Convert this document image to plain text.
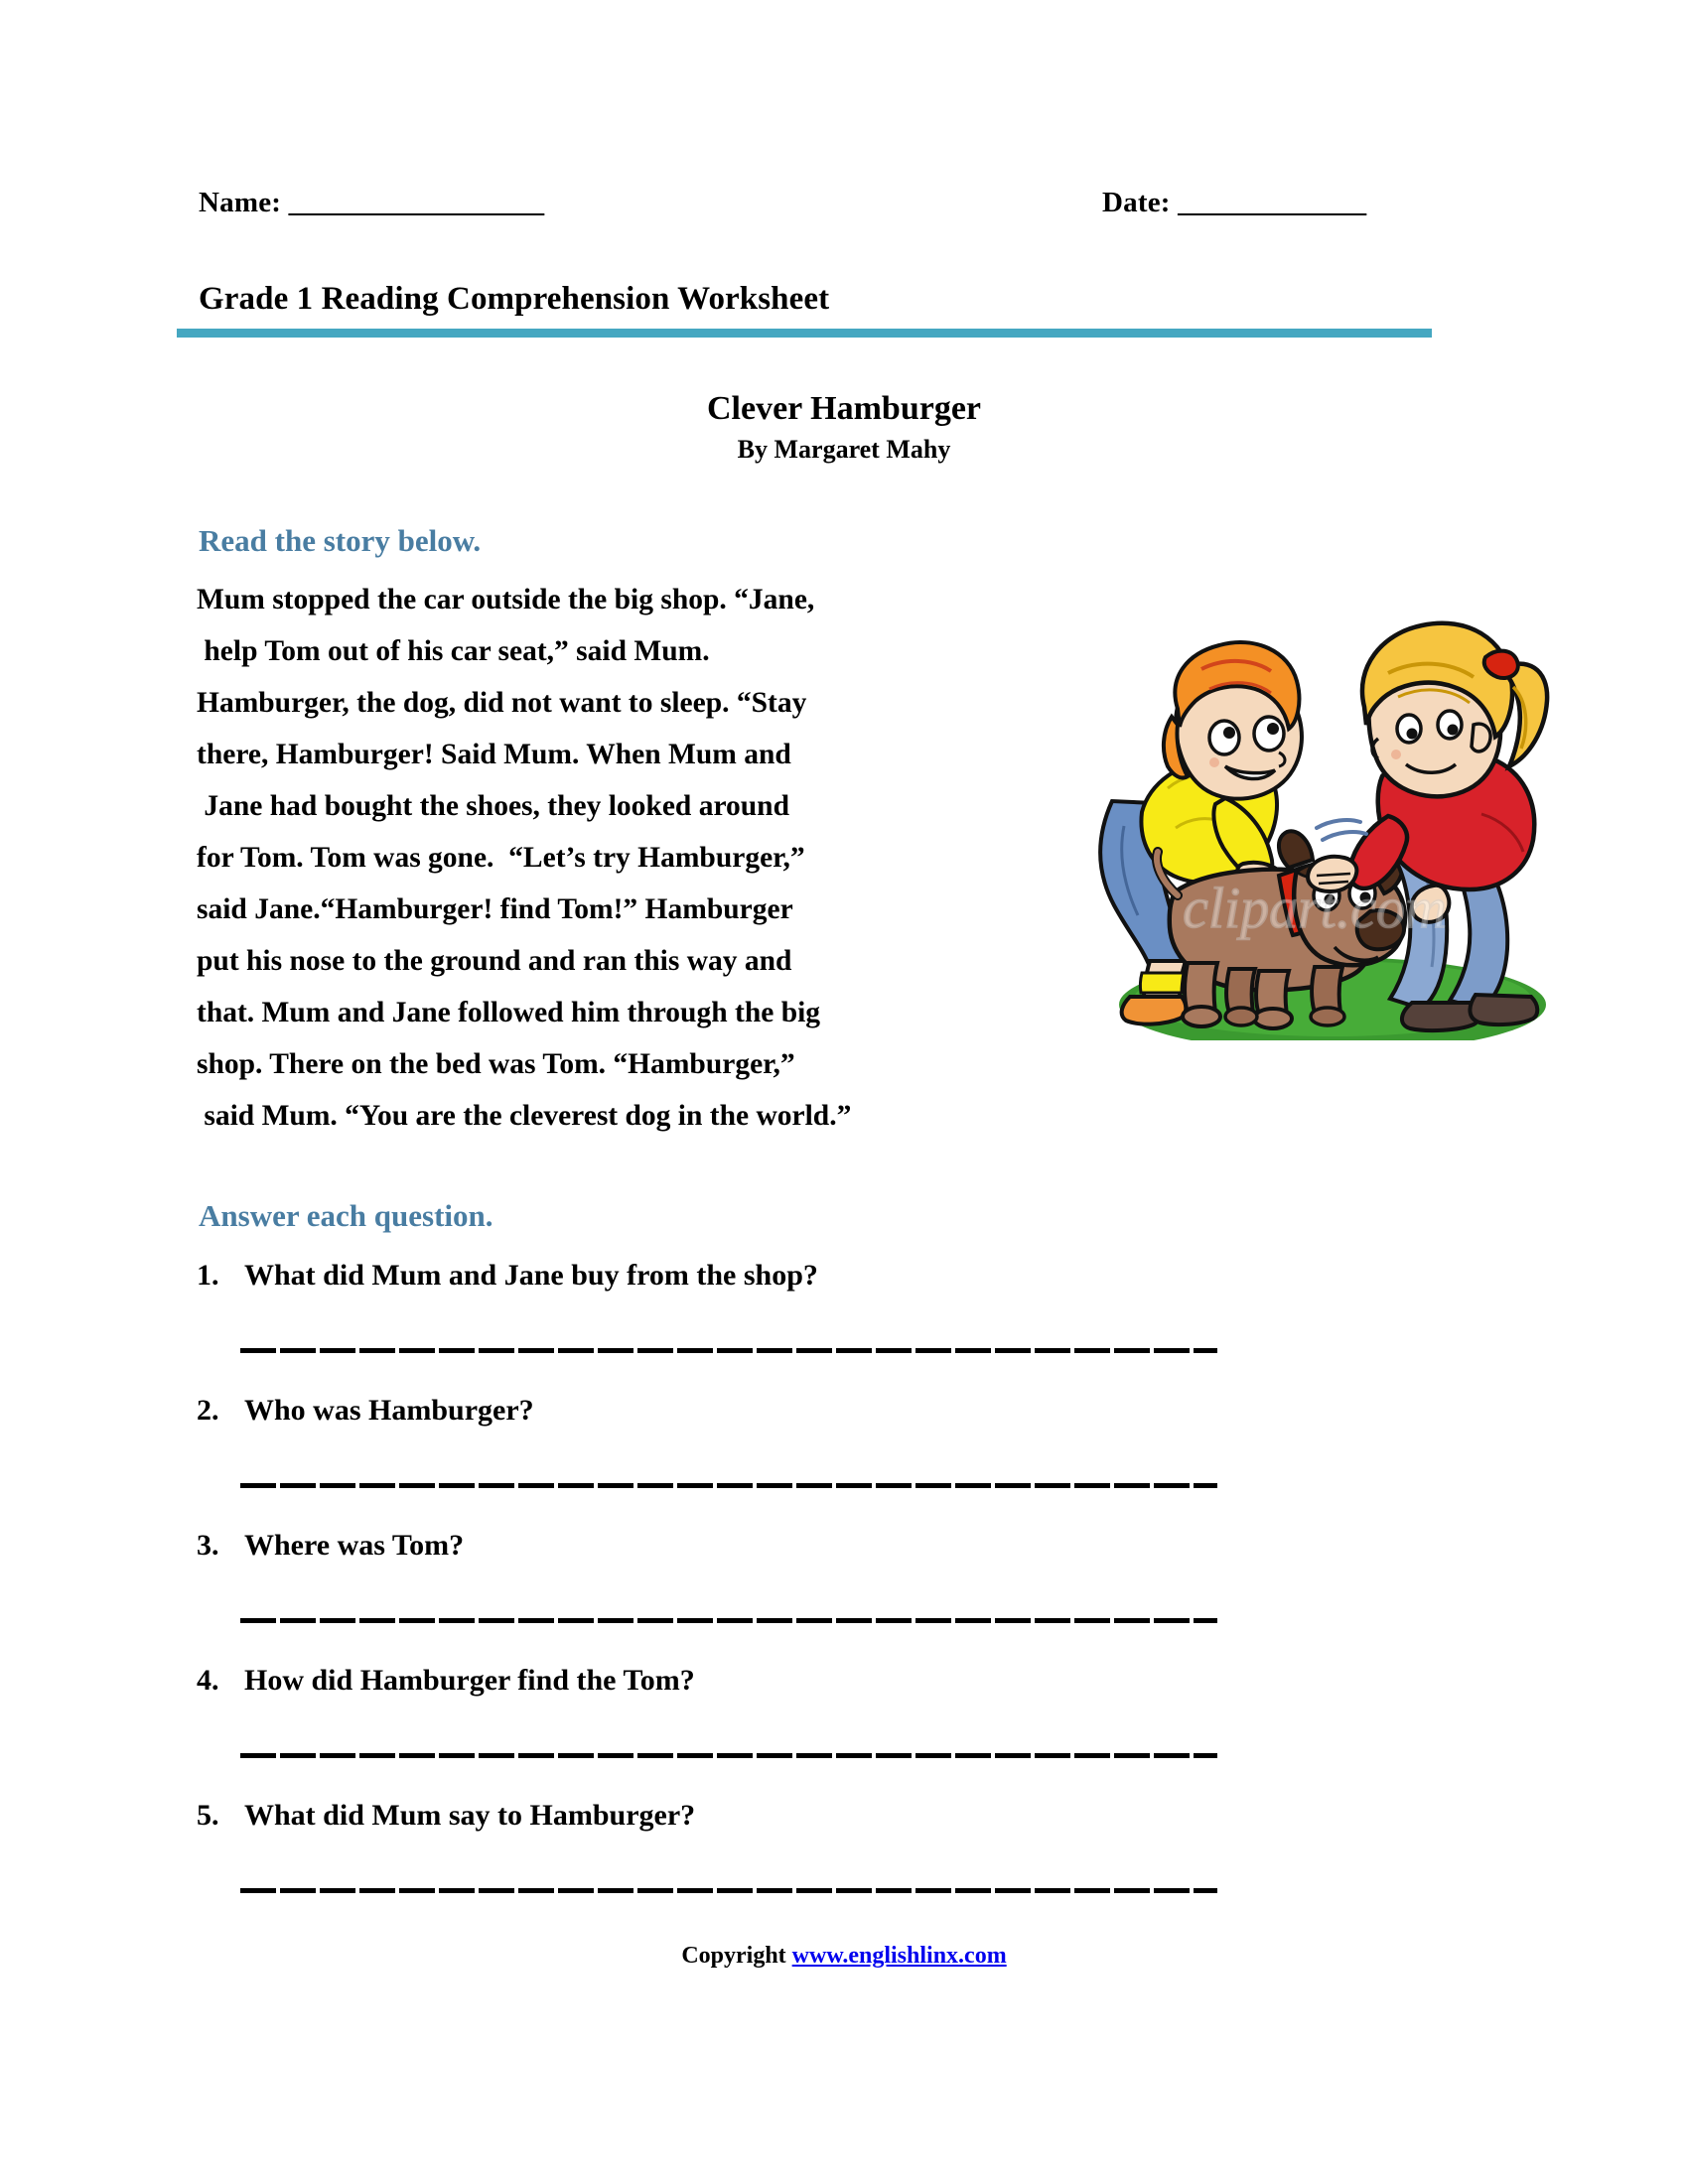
Name: ___________________	Date: ______________
Grade 1 Reading Comprehension Worksheet
Clever Hamburger
By Margaret Mahy
Read the story below.
Mum stopped the car outside the big shop. “Jane,
help Tom out of his car seat,” said Mum.
Hamburger, the dog, did not want to sleep. “Stay
there, Hamburger! Said Mum. When Mum and
Jane had bought the shoes, they looked around
for Tom. Tom was gone.  “Let’s try Hamburger,”
said Jane.“Hamburger! find Tom!” Hamburger
put his nose to the ground and ran this way and
that. Mum and Jane followed him through the big
shop. There on the bed was Tom. “Hamburger,”
said Mum. “You are the cleverest dog in the world.”
clipart.com
Answer each question.
1. What did Mum and Jane buy from the shop?
2. Who was Hamburger?
3. Where was Tom?
4. How did Hamburger find the Tom?
5. What did Mum say to Hamburger?
Copyright www.englishlinx.com
